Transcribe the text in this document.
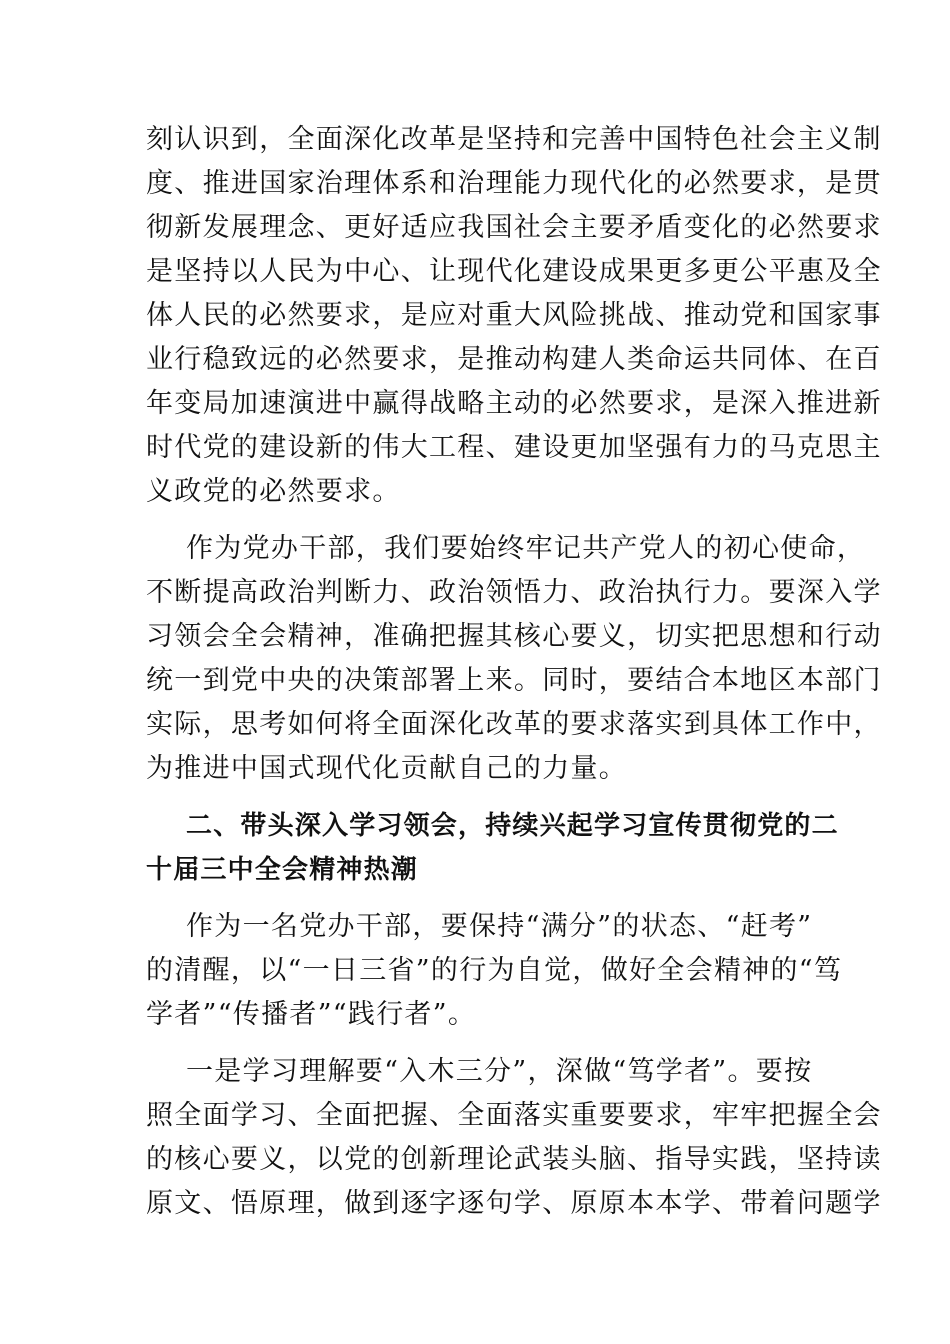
刻认识到，全面深化改革是坚持和完善中国特色社会主义制
度、推进国家治理体系和治理能力现代化的必然要求，是贯
彻新发展理念、更好适应我国社会主要矛盾变化的必然要求
是坚持以人民为中心、让现代化建设成果更多更公平惠及全
体人民的必然要求，是应对重大风险挑战、推动党和国家事
业行稳致远的必然要求，是推动构建人类命运共同体、在百
年变局加速演进中赢得战略主动的必然要求，是深入推进新
时代党的建设新的伟大工程、建设更加坚强有力的马克思主
义政党的必然要求。
作为党办干部，我们要始终牢记共产党人的初心使命，
不断提高政治判断力、政治领悟力、政治执行力。要深入学
习领会全会精神，准确把握其核心要义，切实把思想和行动
统一到党中央的决策部署上来。同时，要结合本地区本部门
实际，思考如何将全面深化改革的要求落实到具体工作中，
为推进中国式现代化贡献自己的力量。
二、带头深入学习领会，持续兴起学习宣传贯彻党的二
十届三中全会精神热潮
作为一名党办干部，要保持“满分”的状态、“赶考”
的清醒，以“一日三省”的行为自觉，做好全会精神的“笃
学者”“传播者”“践行者”。
一是学习理解要“入木三分”，深做“笃学者”。要按
照全面学习、全面把握、全面落实重要要求，牢牢把握全会
的核心要义，以党的创新理论武装头脑、指导实践，坚持读
原文、悟原理，做到逐字逐句学、原原本本学、带着问题学
